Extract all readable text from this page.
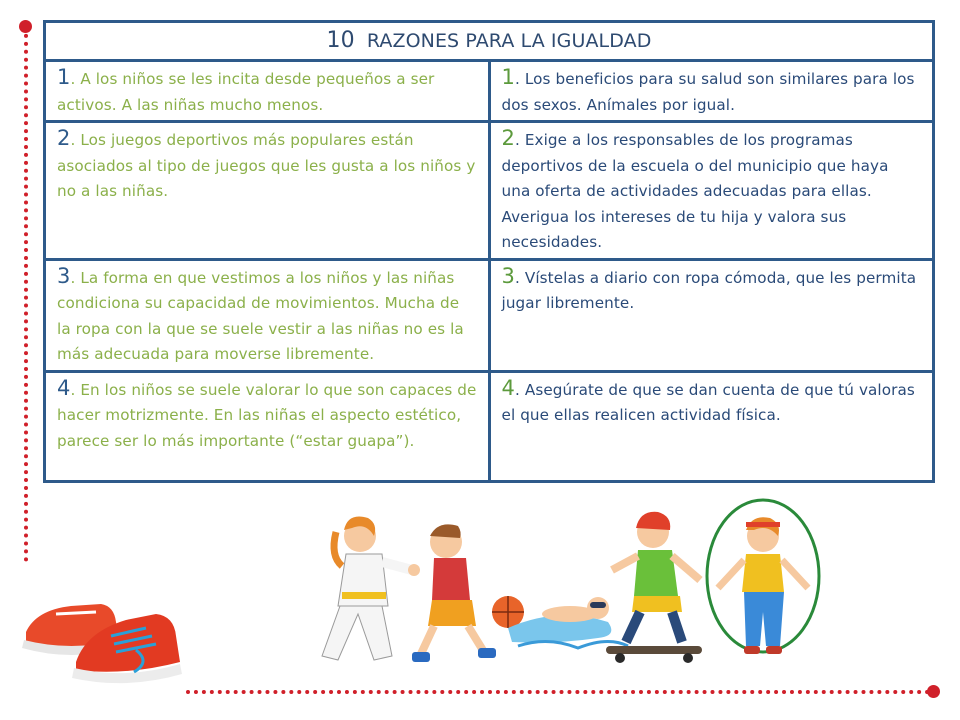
10 RAZONES PARA LA IGUALDAD	
1. A los niños se les incita desde pequeños a ser activos. A las niñas mucho menos.	1. Los beneficios para su salud son similares para los dos sexos. Anímales por igual.
2. Los juegos deportivos más populares están asociados al tipo de juegos que les gusta a los niños y no a las niñas.	2. Exige a los responsables de los programas deportivos de la escuela o del municipio que haya una oferta de actividades adecuadas para ellas. Averigua los intereses de tu hija y valora sus necesidades.
3. La forma en que vestimos a los niños y las niñas condiciona su capacidad de movimientos. Mucha de la ropa con la que se suele vestir a las niñas no es la más adecuada para moverse libremente.	3. Vístelas a diario con ropa cómoda, que les permita jugar libremente.
4. En los niños se suele valorar lo que son capaces de hacer motrizmente. En las niñas el aspecto estético, parece ser lo más importante (“estar guapa”).	4. Asegúrate de que se dan cuenta de que tú valoras el que ellas realicen actividad física.
